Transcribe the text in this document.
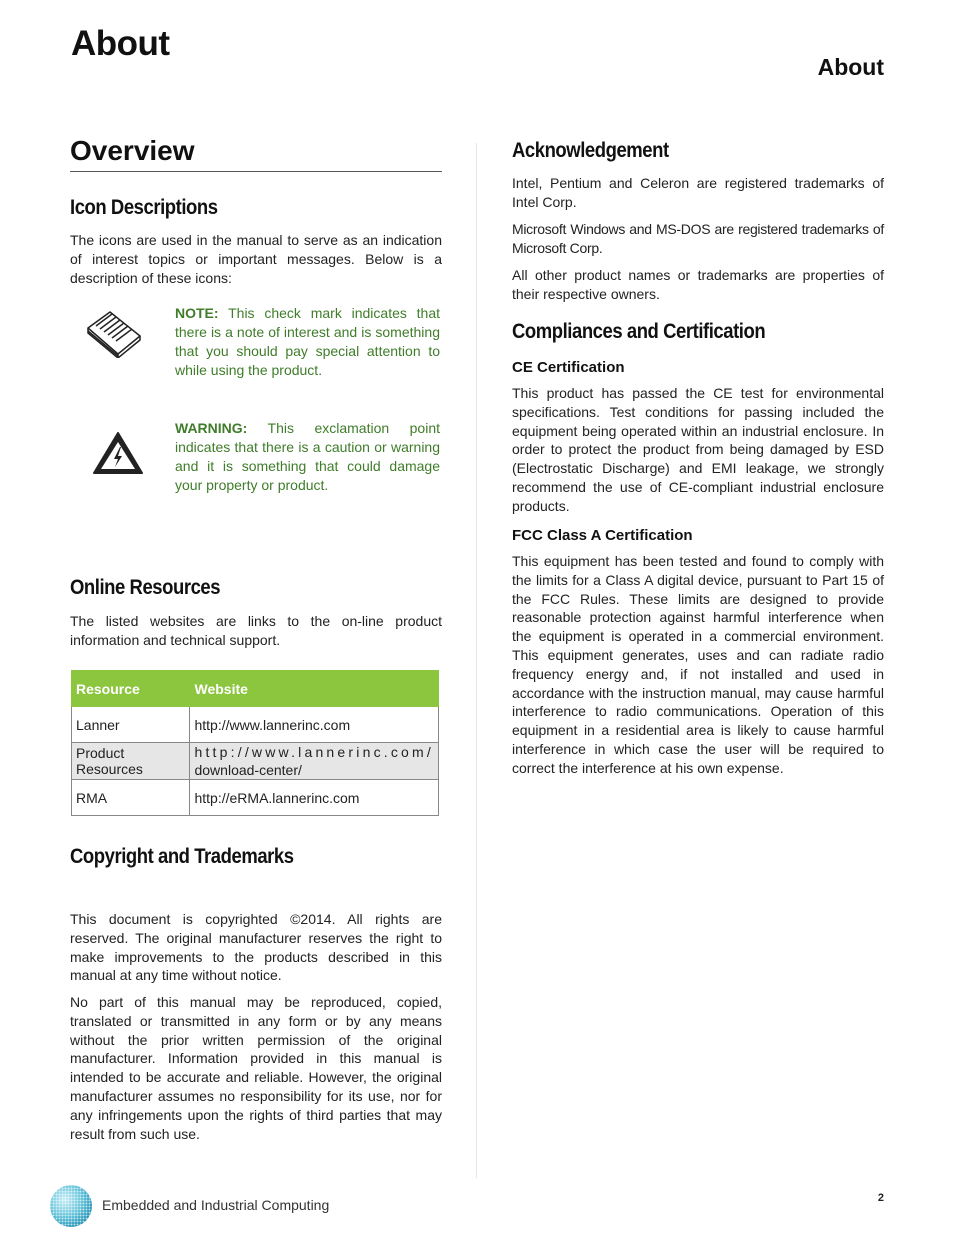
About
About
Overview
Icon Descriptions

The icons are used in the manual to serve as an indication of interest topics or important messages. Below is a description of these icons:

NOTE: This check mark indicates that there is a note of interest and is something that you should pay special attention to while using the product.

WARNING: This exclamation point indicates that there is a caution or warning and it is something that could damage your property or product.

Online Resources

The listed websites are links to the on-line product information and technical support.

Resource	Website
Lanner	http://www.lannerinc.com
Product Resources	http://www.lannerinc.com/
download-center/
RMA	http://eRMA.lannerinc.com
Copyright and Trademarks

This document is copyrighted ©2014. All rights are reserved. The original manufacturer reserves the right to make improvements to the products described in this manual at any time without notice.

No part of this manual may be reproduced, copied, translated or transmitted in any form or by any means without the prior written permission of the original manufacturer. Information provided in this manual is intended to be accurate and reliable. However, the original manufacturer assumes no responsibility for its use, nor for any infringements upon the rights of third parties that may result from such use.

Acknowledgement

Intel, Pentium and Celeron are registered trademarks of Intel Corp.

Microsoft Windows and MS-DOS are registered trademarks of Microsoft Corp.

All other product names or trademarks are properties of their respective owners.

Compliances and Certification
CE Certification

This product has passed the CE test for environmental specifications. Test conditions for passing included the equipment being operated within an industrial enclosure. In order to protect the product from being damaged by ESD (Electrostatic Discharge) and EMI leakage, we strongly recommend the use of CE-compliant industrial enclosure products.

FCC Class A Certification

This equipment has been tested and found to comply with the limits for a Class A digital device, pursuant to Part 15 of the FCC Rules. These limits are designed to provide reasonable protection against harmful interference when the equipment is operated in a commercial environment. This equipment generates, uses and can radiate radio frequency energy and, if not installed and used in accordance with the instruction manual, may cause harmful interference to radio communications. Operation of this equipment in a residential area is likely to cause harmful interference in which case the user will be required to correct the interference at his own expense.

Embedded and Industrial Computing	2
